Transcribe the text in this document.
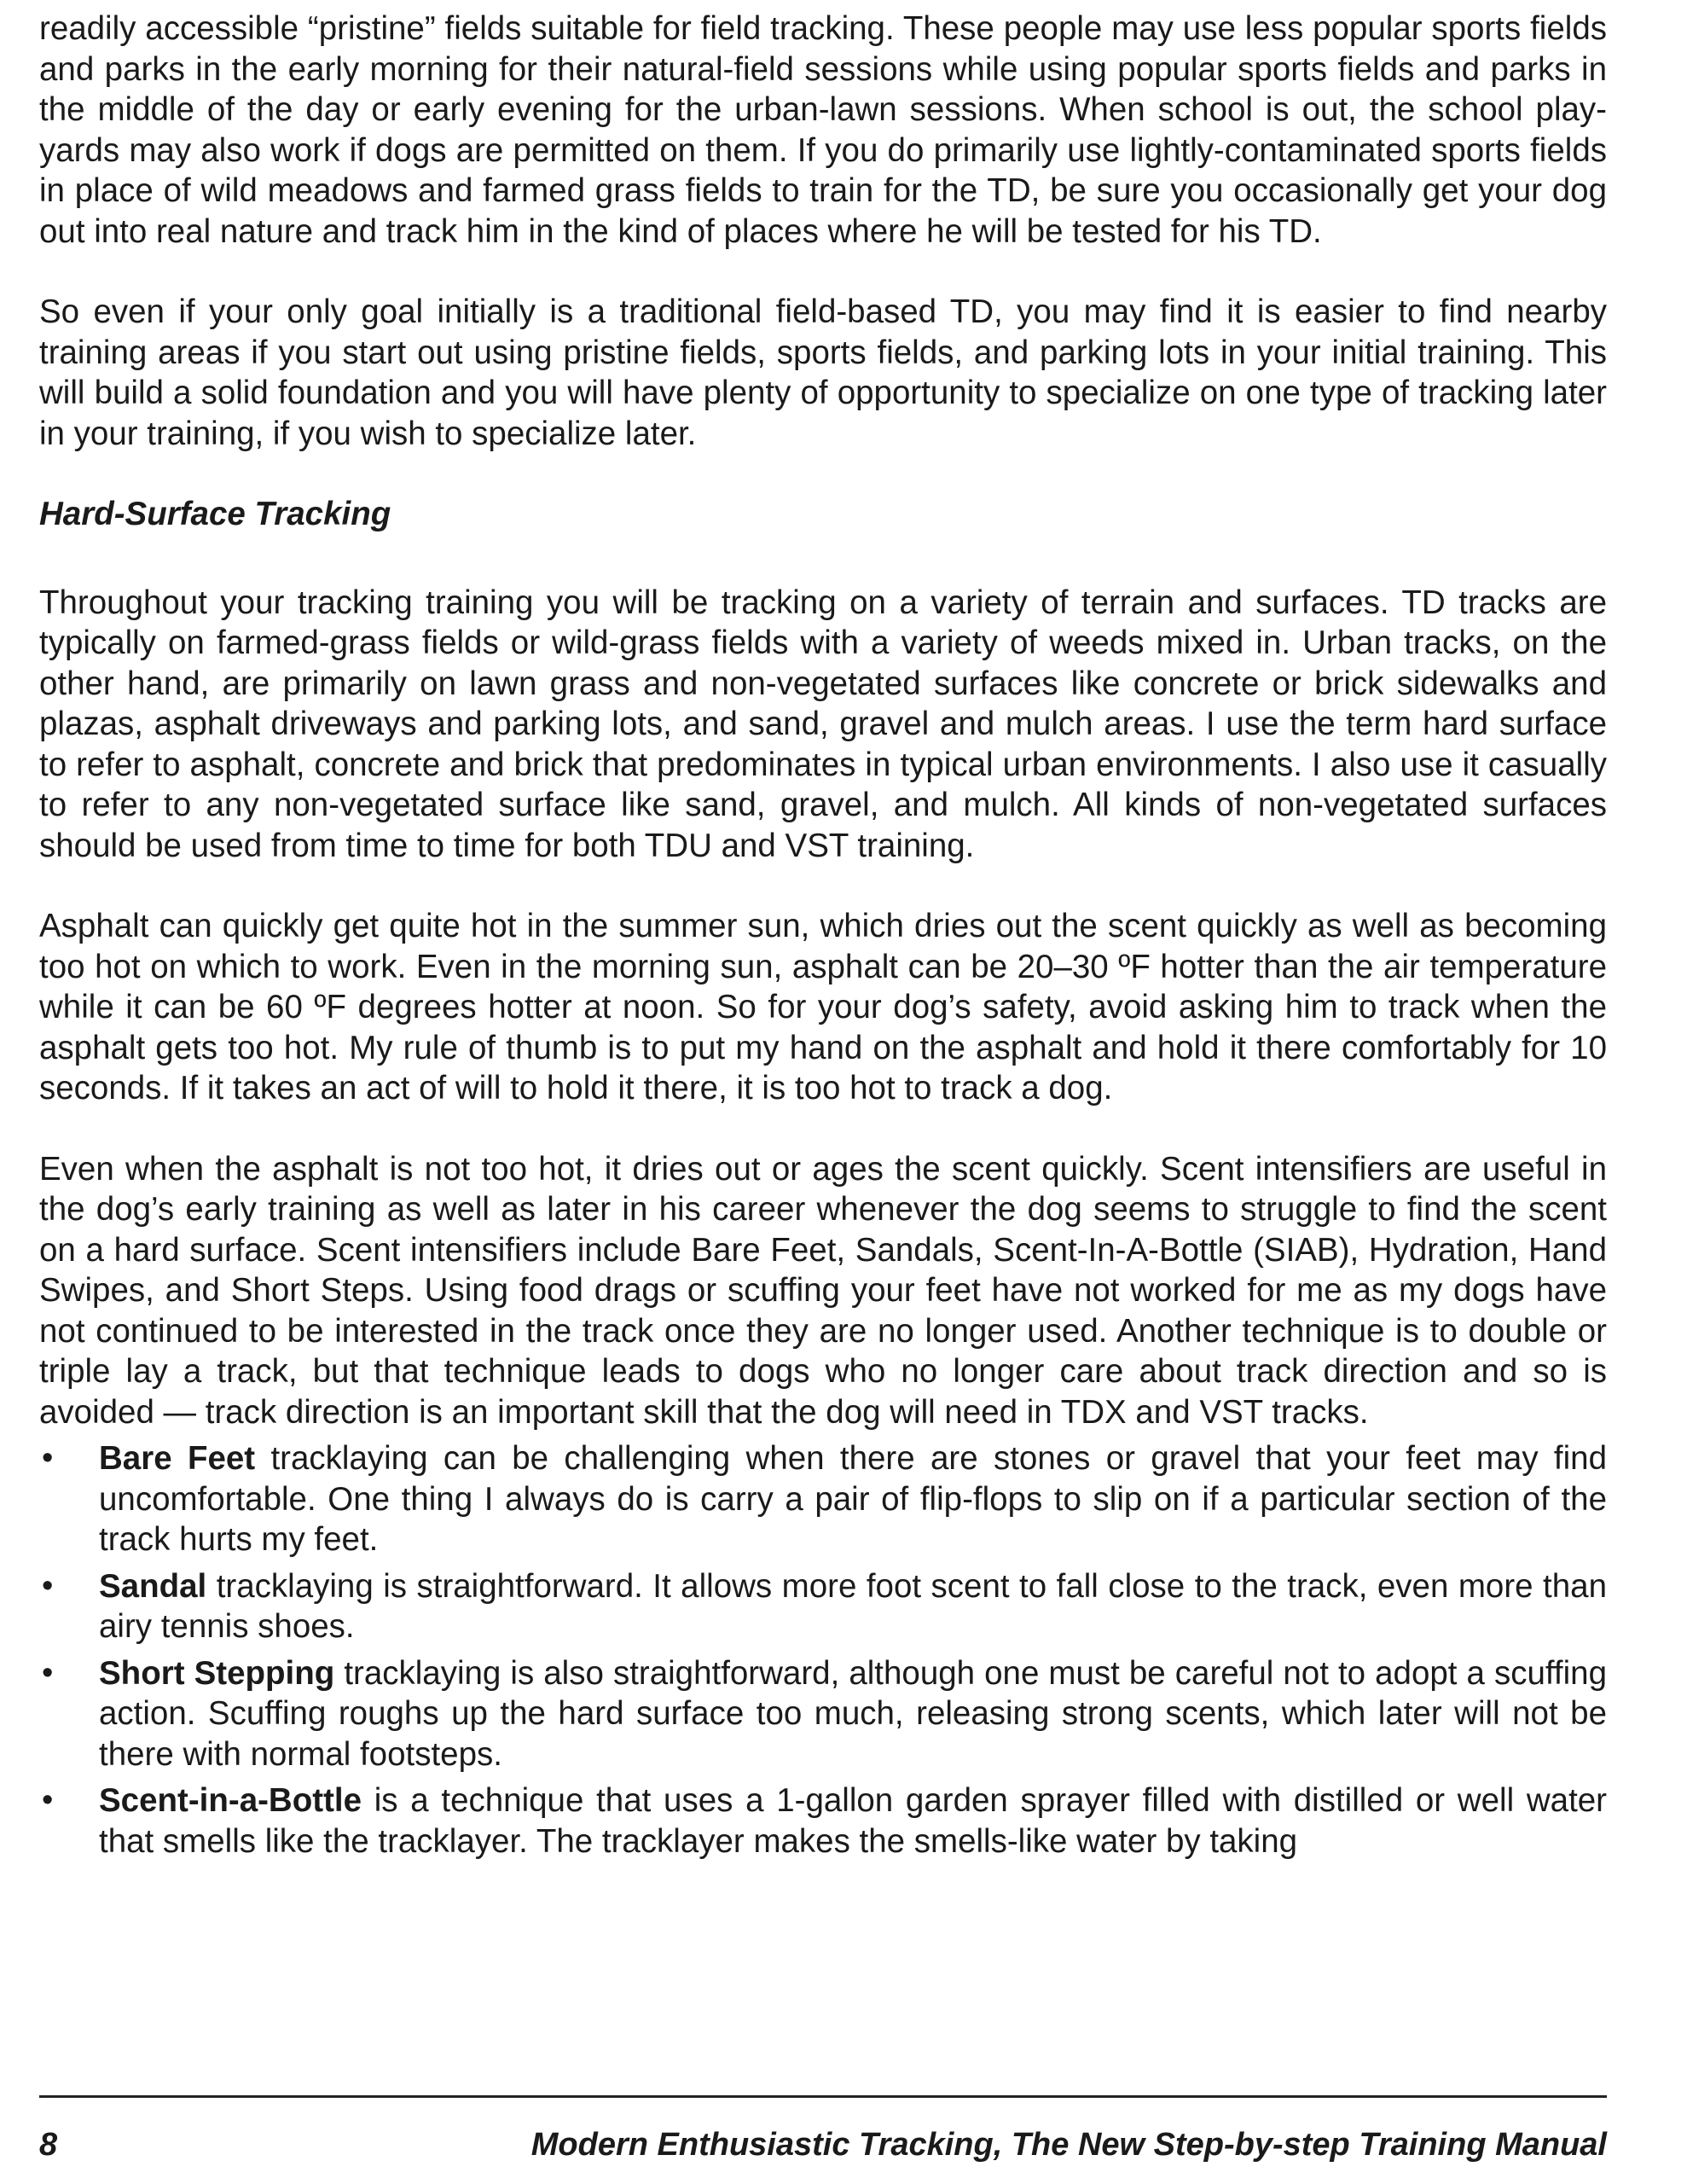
readily accessible “pristine” fields suitable for field tracking. These people may use less popular sports fields and parks in the early morning for their natural-field sessions while using popular sports fields and parks in the middle of the day or early evening for the urban-lawn sessions. When school is out, the school play-yards may also work if dogs are permitted on them. If you do primarily use lightly-contaminated sports fields in place of wild meadows and farmed grass fields to train for the TD, be sure you occasionally get your dog out into real nature and track him in the kind of places where he will be tested for his TD.

So even if your only goal initially is a traditional field-based TD, you may find it is easier to find nearby training areas if you start out using pristine fields, sports fields, and parking lots in your initial training. This will build a solid foundation and you will have plenty of opportunity to specialize on one type of tracking later in your training, if you wish to specialize later.

Hard-Surface Tracking

Throughout your tracking training you will be tracking on a variety of terrain and surfaces. TD tracks are typically on farmed-grass fields or wild-grass fields with a variety of weeds mixed in. Urban tracks, on the other hand, are primarily on lawn grass and non-vegetated surfaces like concrete or brick sidewalks and plazas, asphalt driveways and parking lots, and sand, gravel and mulch areas. I use the term hard surface to refer to asphalt, concrete and brick that predominates in typical urban environments. I also use it casually to refer to any non-vegetated surface like sand, gravel, and mulch. All kinds of non-vegetated surfaces should be used from time to time for both TDU and VST training.

Asphalt can quickly get quite hot in the summer sun, which dries out the scent quickly as well as becoming too hot on which to work. Even in the morning sun, asphalt can be 20–30 ºF hotter than the air temperature while it can be 60 ºF degrees hotter at noon. So for your dog’s safety, avoid asking him to track when the asphalt gets too hot. My rule of thumb is to put my hand on the asphalt and hold it there comfortably for 10 seconds. If it takes an act of will to hold it there, it is too hot to track a dog.

Even when the asphalt is not too hot, it dries out or ages the scent quickly. Scent intensifiers are useful in the dog’s early training as well as later in his career whenever the dog seems to struggle to find the scent on a hard surface. Scent intensifiers include Bare Feet, Sandals, Scent-In-A-Bottle (SIAB), Hydration, Hand Swipes, and Short Steps. Using food drags or scuffing your feet have not worked for me as my dogs have not continued to be interested in the track once they are no longer used. Another technique is to double or triple lay a track, but that technique leads to dogs who no longer care about track direction and so is avoided — track direction is an important skill that the dog will need in TDX and VST tracks.

• Bare Feet tracklaying can be challenging when there are stones or gravel that your feet may find uncomfortable. One thing I always do is carry a pair of flip-flops to slip on if a particular section of the track hurts my feet.
• Sandal tracklaying is straightforward. It allows more foot scent to fall close to the track, even more than airy tennis shoes.
• Short Stepping tracklaying is also straightforward, although one must be careful not to adopt a scuffing action. Scuffing roughs up the hard surface too much, releasing strong scents, which later will not be there with normal footsteps.
• Scent-in-a-Bottle is a technique that uses a 1-gallon garden sprayer filled with distilled or well water that smells like the tracklayer. The tracklayer makes the smells-like water by taking
8	Modern Enthusiastic Tracking, The New Step-by-step Training Manual
